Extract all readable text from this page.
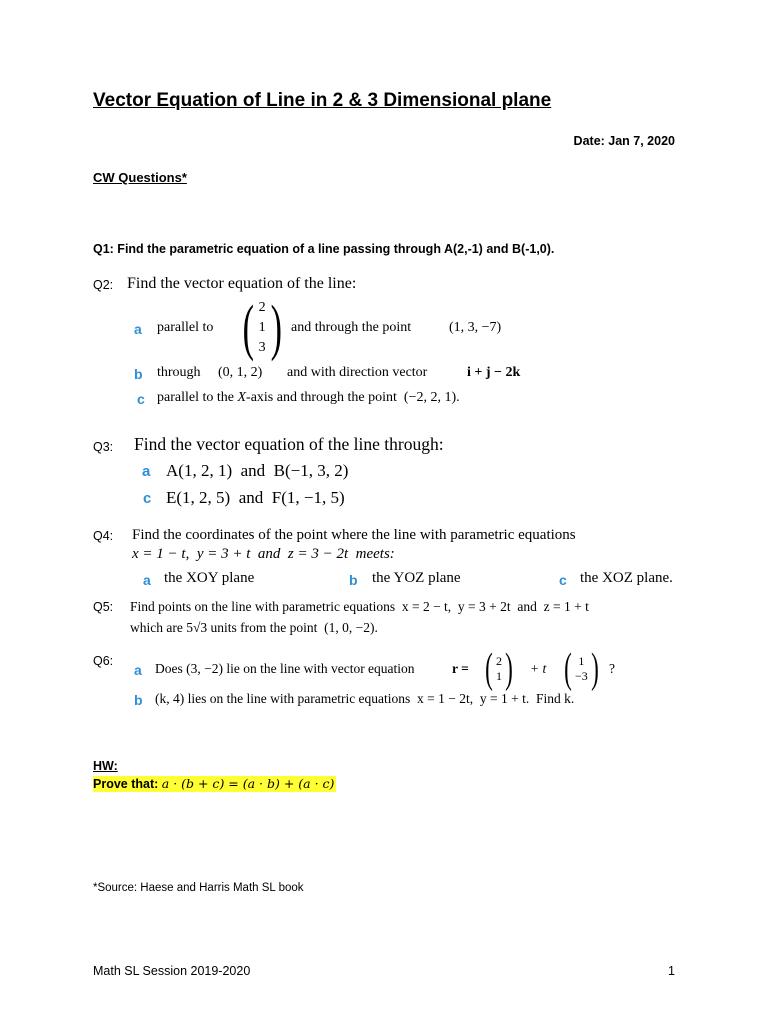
Vector Equation of Line in 2 & 3 Dimensional plane
Date: Jan 7, 2020
CW Questions*
Q1: Find the parametric equation of a line passing through A(2,-1) and B(-1,0).
Q2: Find the vector equation of the line:
a parallel to ( 2
1
3 ) and through the point	(1, 3, −7)
b through (0, 1, 2) and with direction vector	i + j − 2k
c parallel to the X-axis and through the point (−2, 2, 1).
Q3: Find the vector equation of the line through:
a A(1, 2, 1)  and  B(−1, 3, 2)
c E(1, 2, 5)  and  F(1, −1, 5)
Q4: Find the coordinates of the point where the line with parametric equations
x = 1 − t,  y = 3 + t  and  z = 3 − 2t  meets:
a the XOY plane	b the YOZ plane	c the XOZ plane.
Q5: Find points on the line with parametric equations  x = 2 − t,  y = 3 + 2t  and  z = 1 + t
which are 5√3 units from the point  (1, 0, −2).
Q6:
a Does (3, −2) lie on the line with vector equation	r = ( 2
1 ) + t ( 1
−3 ) ?
b (k, 4) lies on the line with parametric equations  x = 1 − 2t,  y = 1 + t.  Find k.
HW:
Prove that: a · (b + c) = (a · b) + (a · c)
*Source: Haese and Harris Math SL book
Math SL Session 2019-2020	1
